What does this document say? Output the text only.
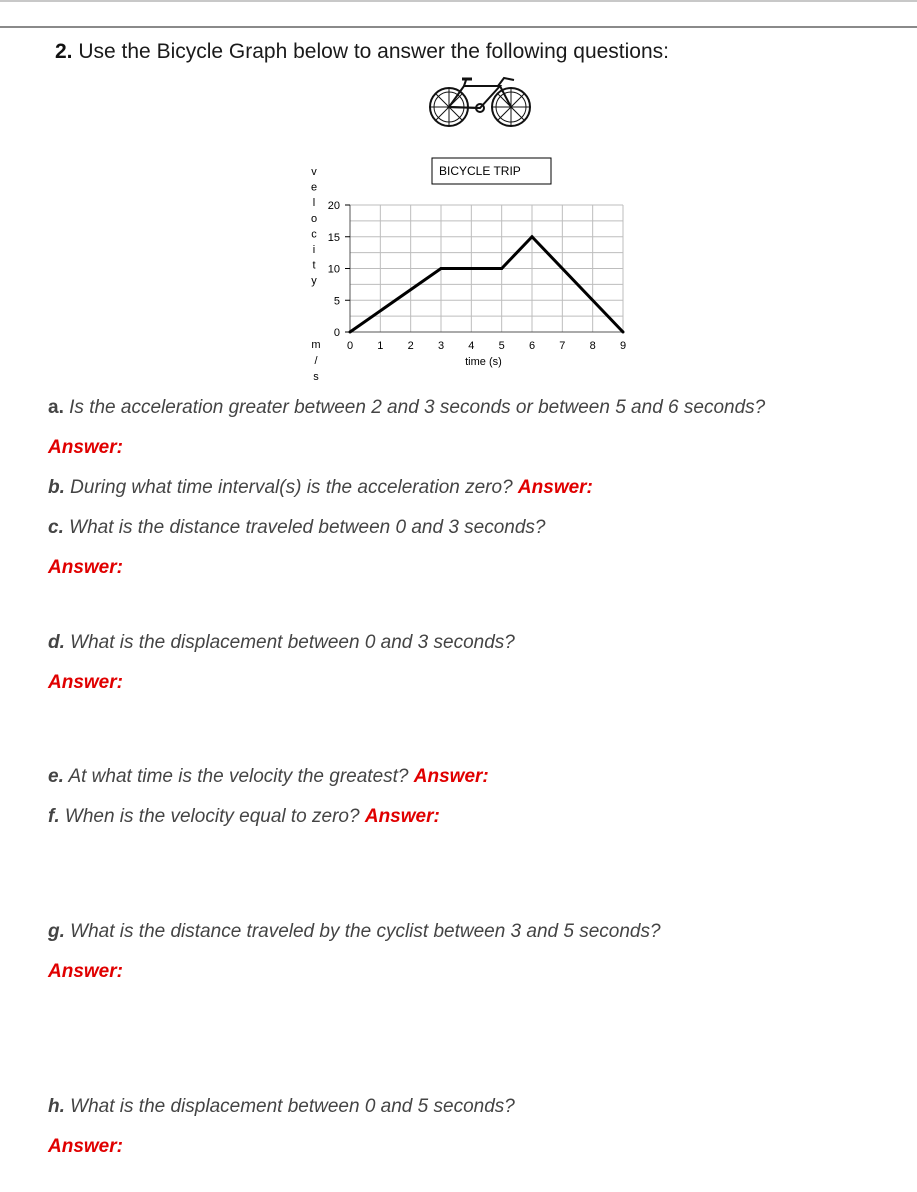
2. Use the Bicycle Graph below to answer the following questions:
BICYCLE TRIP
0
5
10
15
20
0 1 2 3 4 5 6 7 8 9
time (s)
v
e
l
o
c
i
t
y
m
/
s
a. Is the acceleration greater between 2 and 3 seconds or between 5 and 6 seconds?
Answer:
b. During what time interval(s) is the acceleration zero? Answer:
c. What is the distance traveled between 0 and 3 seconds?
Answer:
d. What is the displacement between 0 and 3 seconds?
Answer:
e. At what time is the velocity the greatest? Answer:
f. When is the velocity equal to zero? Answer:
g. What is the distance traveled by the cyclist between 3 and 5 seconds?
Answer:
h. What is the displacement between 0 and 5 seconds?
Answer:
